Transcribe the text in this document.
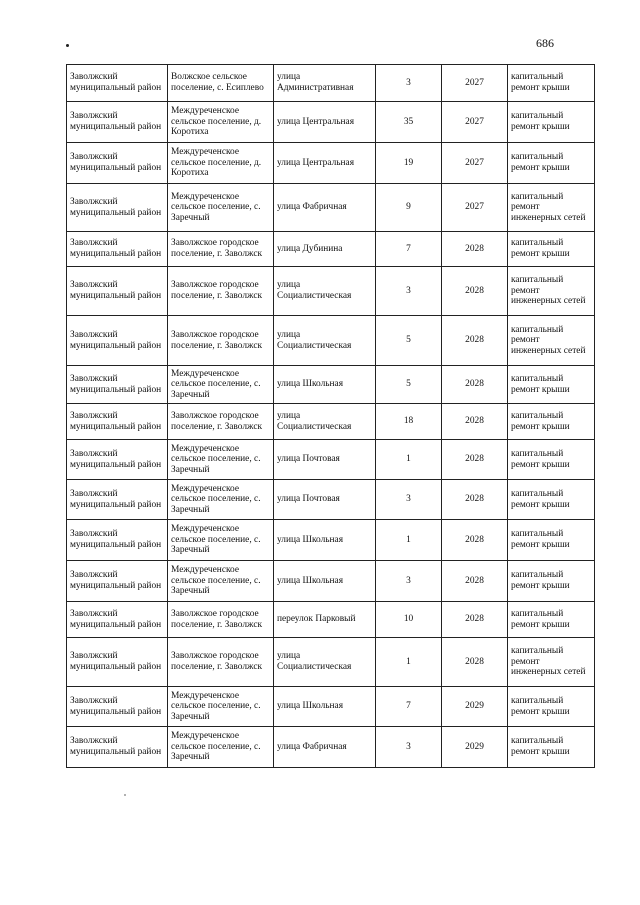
686
Заволжский муниципальный район	Волжское сельское поселение, с. Есиплево	улица Административная	3	2027	капитальный ремонт крыши
Заволжский муниципальный район	Междуреченское сельское поселение, д. Коротиха	улица Центральная	35	2027	капитальный ремонт крыши
Заволжский муниципальный район	Междуреченское сельское поселение, д. Коротиха	улица Центральная	19	2027	капитальный ремонт крыши
Заволжский муниципальный район	Междуреченское сельское поселение, с. Заречный	улица Фабричная	9	2027	капитальный ремонт инженерных сетей
Заволжский муниципальный район	Заволжское городское поселение, г. Заволжск	улица Дубинина	7	2028	капитальный ремонт крыши
Заволжский муниципальный район	Заволжское городское поселение, г. Заволжск	улица Социалистическая	3	2028	капитальный ремонт инженерных сетей
Заволжский муниципальный район	Заволжское городское поселение, г. Заволжск	улица Социалистическая	5	2028	капитальный ремонт инженерных сетей
Заволжский муниципальный район	Междуреченское сельское поселение, с. Заречный	улица Школьная	5	2028	капитальный ремонт крыши
Заволжский муниципальный район	Заволжское городское поселение, г. Заволжск	улица Социалистическая	18	2028	капитальный ремонт крыши
Заволжский муниципальный район	Междуреченское сельское поселение, с. Заречный	улица Почтовая	1	2028	капитальный ремонт крыши
Заволжский муниципальный район	Междуреченское сельское поселение, с. Заречный	улица Почтовая	3	2028	капитальный ремонт крыши
Заволжский муниципальный район	Междуреченское сельское поселение, с. Заречный	улица Школьная	1	2028	капитальный ремонт крыши
Заволжский муниципальный район	Междуреченское сельское поселение, с. Заречный	улица Школьная	3	2028	капитальный ремонт крыши
Заволжский муниципальный район	Заволжское городское поселение, г. Заволжск	переулок Парковый	10	2028	капитальный ремонт крыши
Заволжский муниципальный район	Заволжское городское поселение, г. Заволжск	улица Социалистическая	1	2028	капитальный ремонт инженерных сетей
Заволжский муниципальный район	Междуреченское сельское поселение, с. Заречный	улица Школьная	7	2029	капитальный ремонт крыши
Заволжский муниципальный район	Междуреченское сельское поселение, с. Заречный	улица Фабричная	3	2029	капитальный ремонт крыши
